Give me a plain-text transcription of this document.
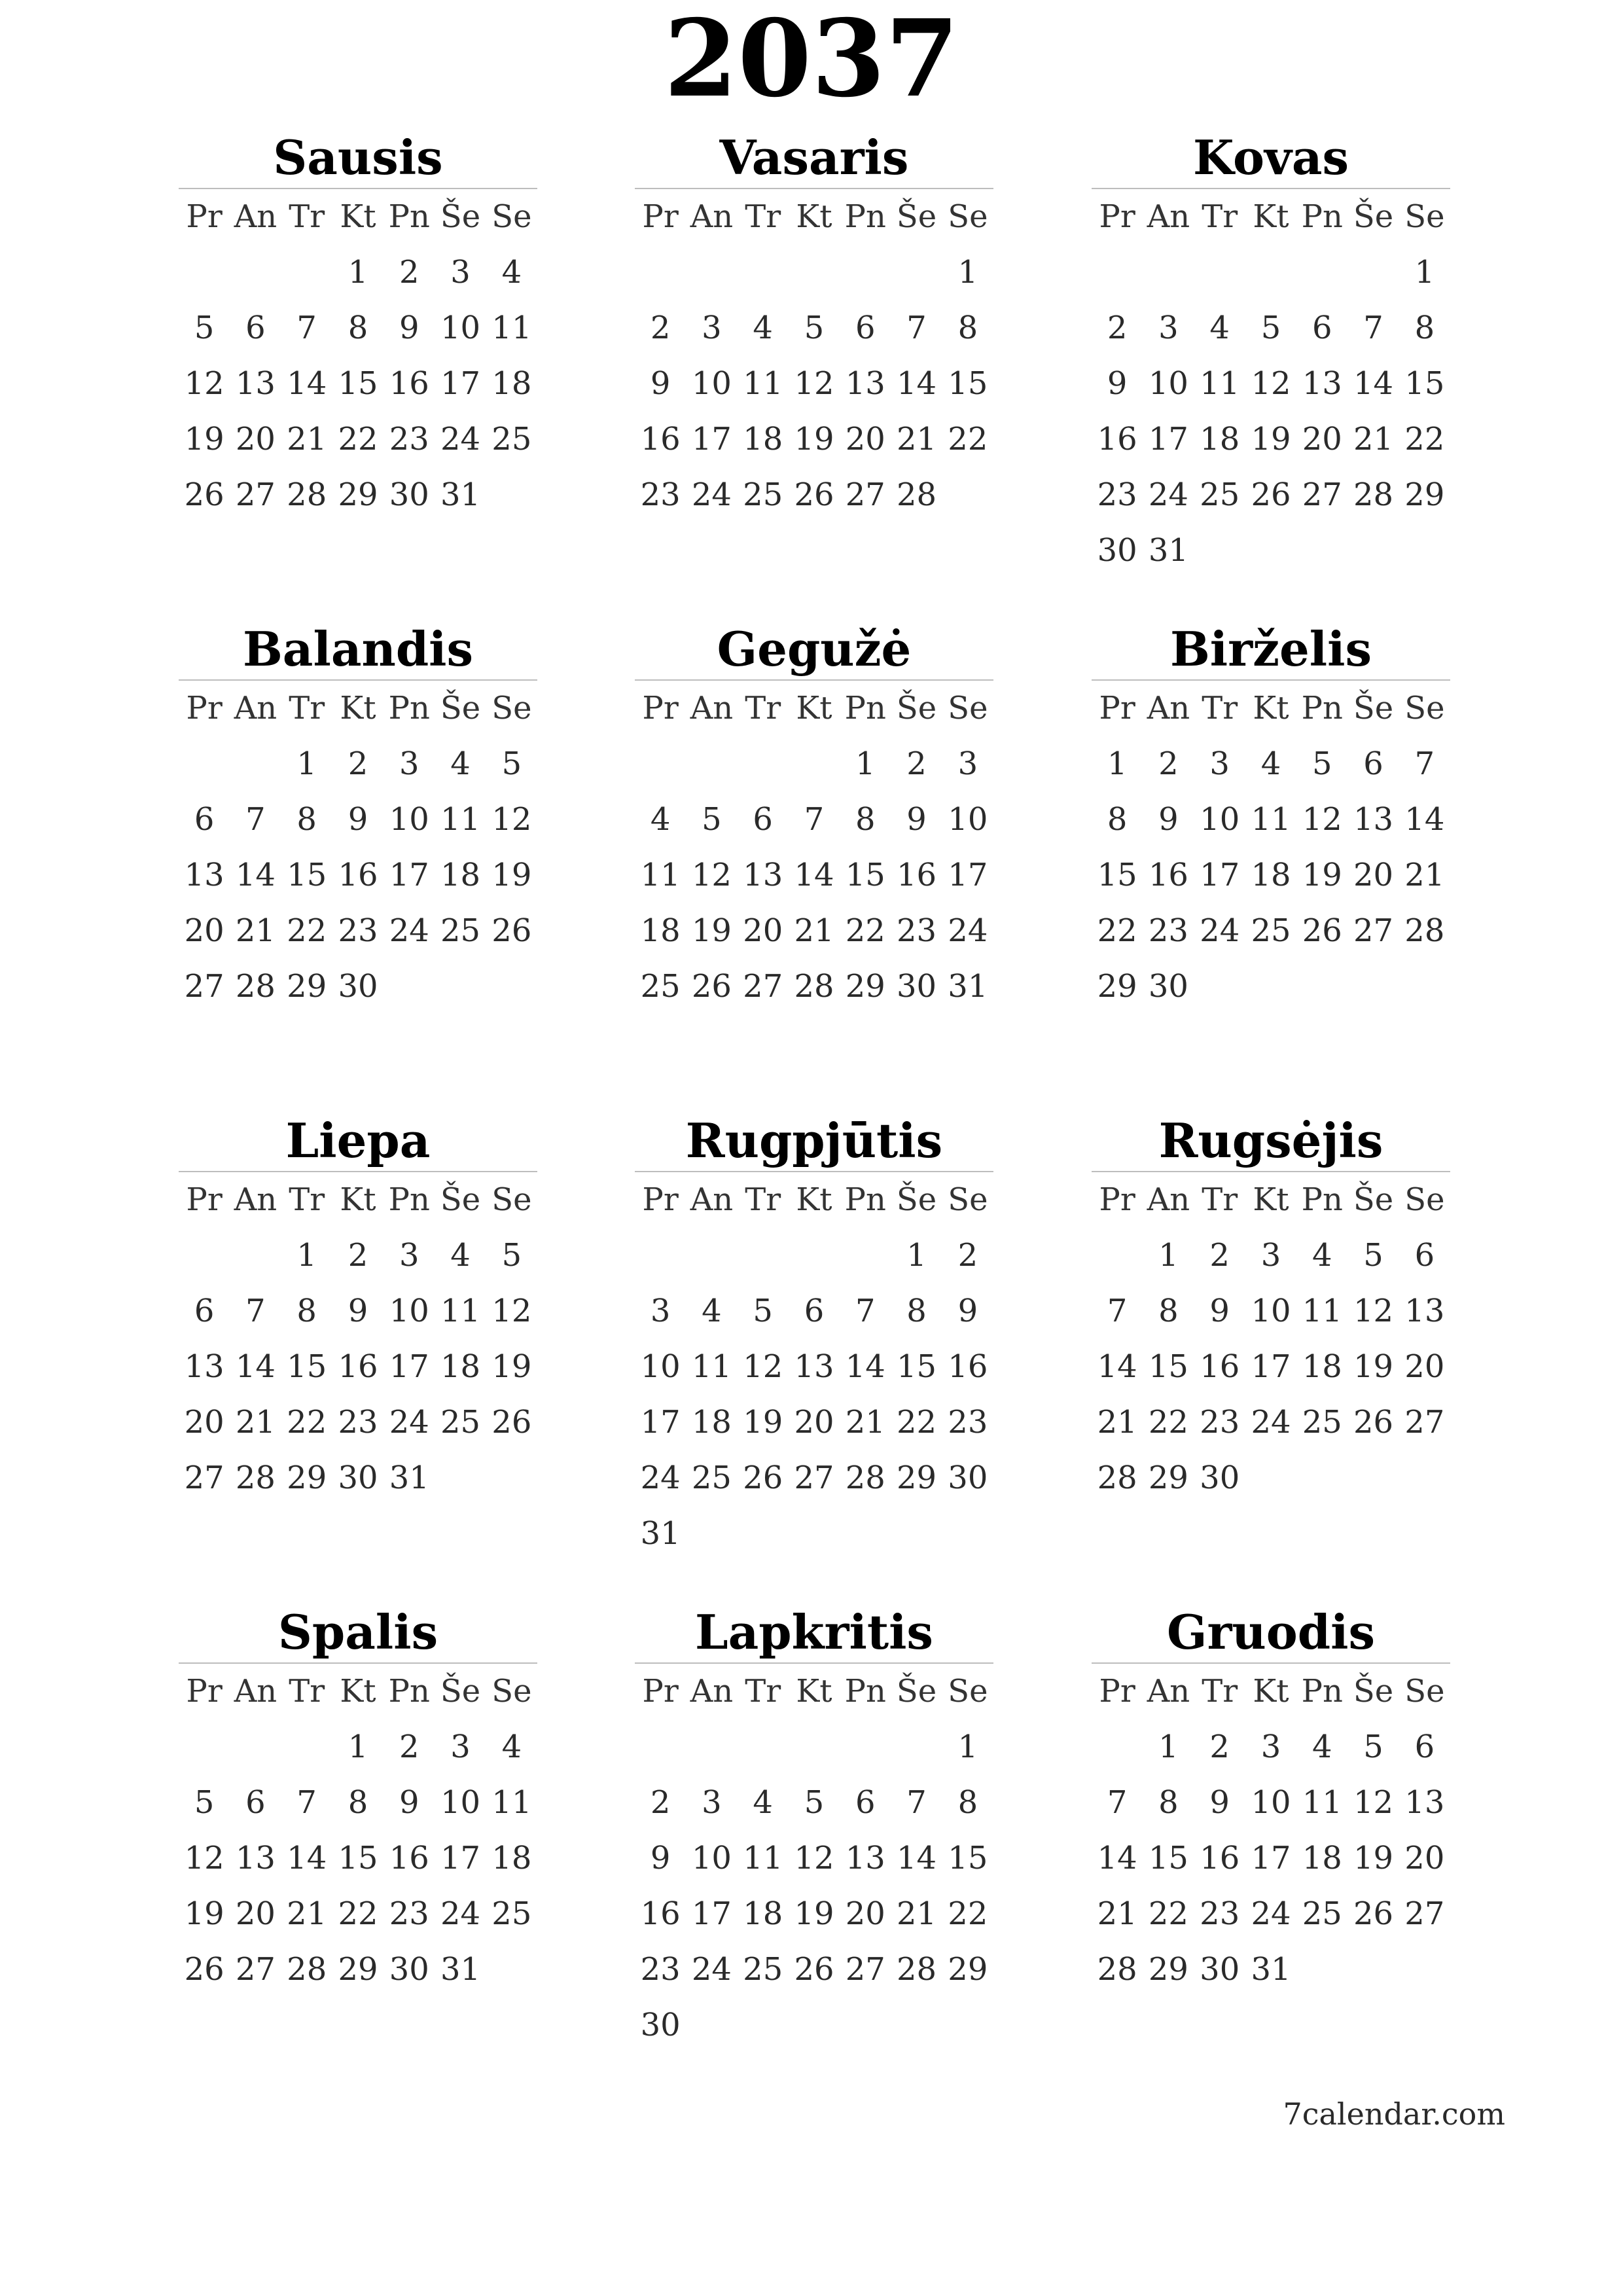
2037
Sausis
Pr An Tr Kt Pn Še Se
1 2 3 4
5 6 7 8 9 10 11
12 13 14 15 16 17 18
19 20 21 22 23 24 25
26 27 28 29 30 31
Vasaris
Pr An Tr Kt Pn Še Se
1
2 3 4 5 6 7 8
9 10 11 12 13 14 15
16 17 18 19 20 21 22
23 24 25 26 27 28
Kovas
Pr An Tr Kt Pn Še Se
1
2 3 4 5 6 7 8
9 10 11 12 13 14 15
16 17 18 19 20 21 22
23 24 25 26 27 28 29
30 31
Balandis
Pr An Tr Kt Pn Še Se
1 2 3 4 5
6 7 8 9 10 11 12
13 14 15 16 17 18 19
20 21 22 23 24 25 26
27 28 29 30
Gegužė
Pr An Tr Kt Pn Še Se
1 2 3
4 5 6 7 8 9 10
11 12 13 14 15 16 17
18 19 20 21 22 23 24
25 26 27 28 29 30 31
Birželis
Pr An Tr Kt Pn Še Se
1 2 3 4 5 6 7
8 9 10 11 12 13 14
15 16 17 18 19 20 21
22 23 24 25 26 27 28
29 30
Liepa
Pr An Tr Kt Pn Še Se
1 2 3 4 5
6 7 8 9 10 11 12
13 14 15 16 17 18 19
20 21 22 23 24 25 26
27 28 29 30 31
Rugpjūtis
Pr An Tr Kt Pn Še Se
1 2
3 4 5 6 7 8 9
10 11 12 13 14 15 16
17 18 19 20 21 22 23
24 25 26 27 28 29 30
31
Rugsėjis
Pr An Tr Kt Pn Še Se
1 2 3 4 5 6
7 8 9 10 11 12 13
14 15 16 17 18 19 20
21 22 23 24 25 26 27
28 29 30
Spalis
Pr An Tr Kt Pn Še Se
1 2 3 4
5 6 7 8 9 10 11
12 13 14 15 16 17 18
19 20 21 22 23 24 25
26 27 28 29 30 31
Lapkritis
Pr An Tr Kt Pn Še Se
1
2 3 4 5 6 7 8
9 10 11 12 13 14 15
16 17 18 19 20 21 22
23 24 25 26 27 28 29
30
Gruodis
Pr An Tr Kt Pn Še Se
1 2 3 4 5 6
7 8 9 10 11 12 13
14 15 16 17 18 19 20
21 22 23 24 25 26 27
28 29 30 31
7calendar.com
